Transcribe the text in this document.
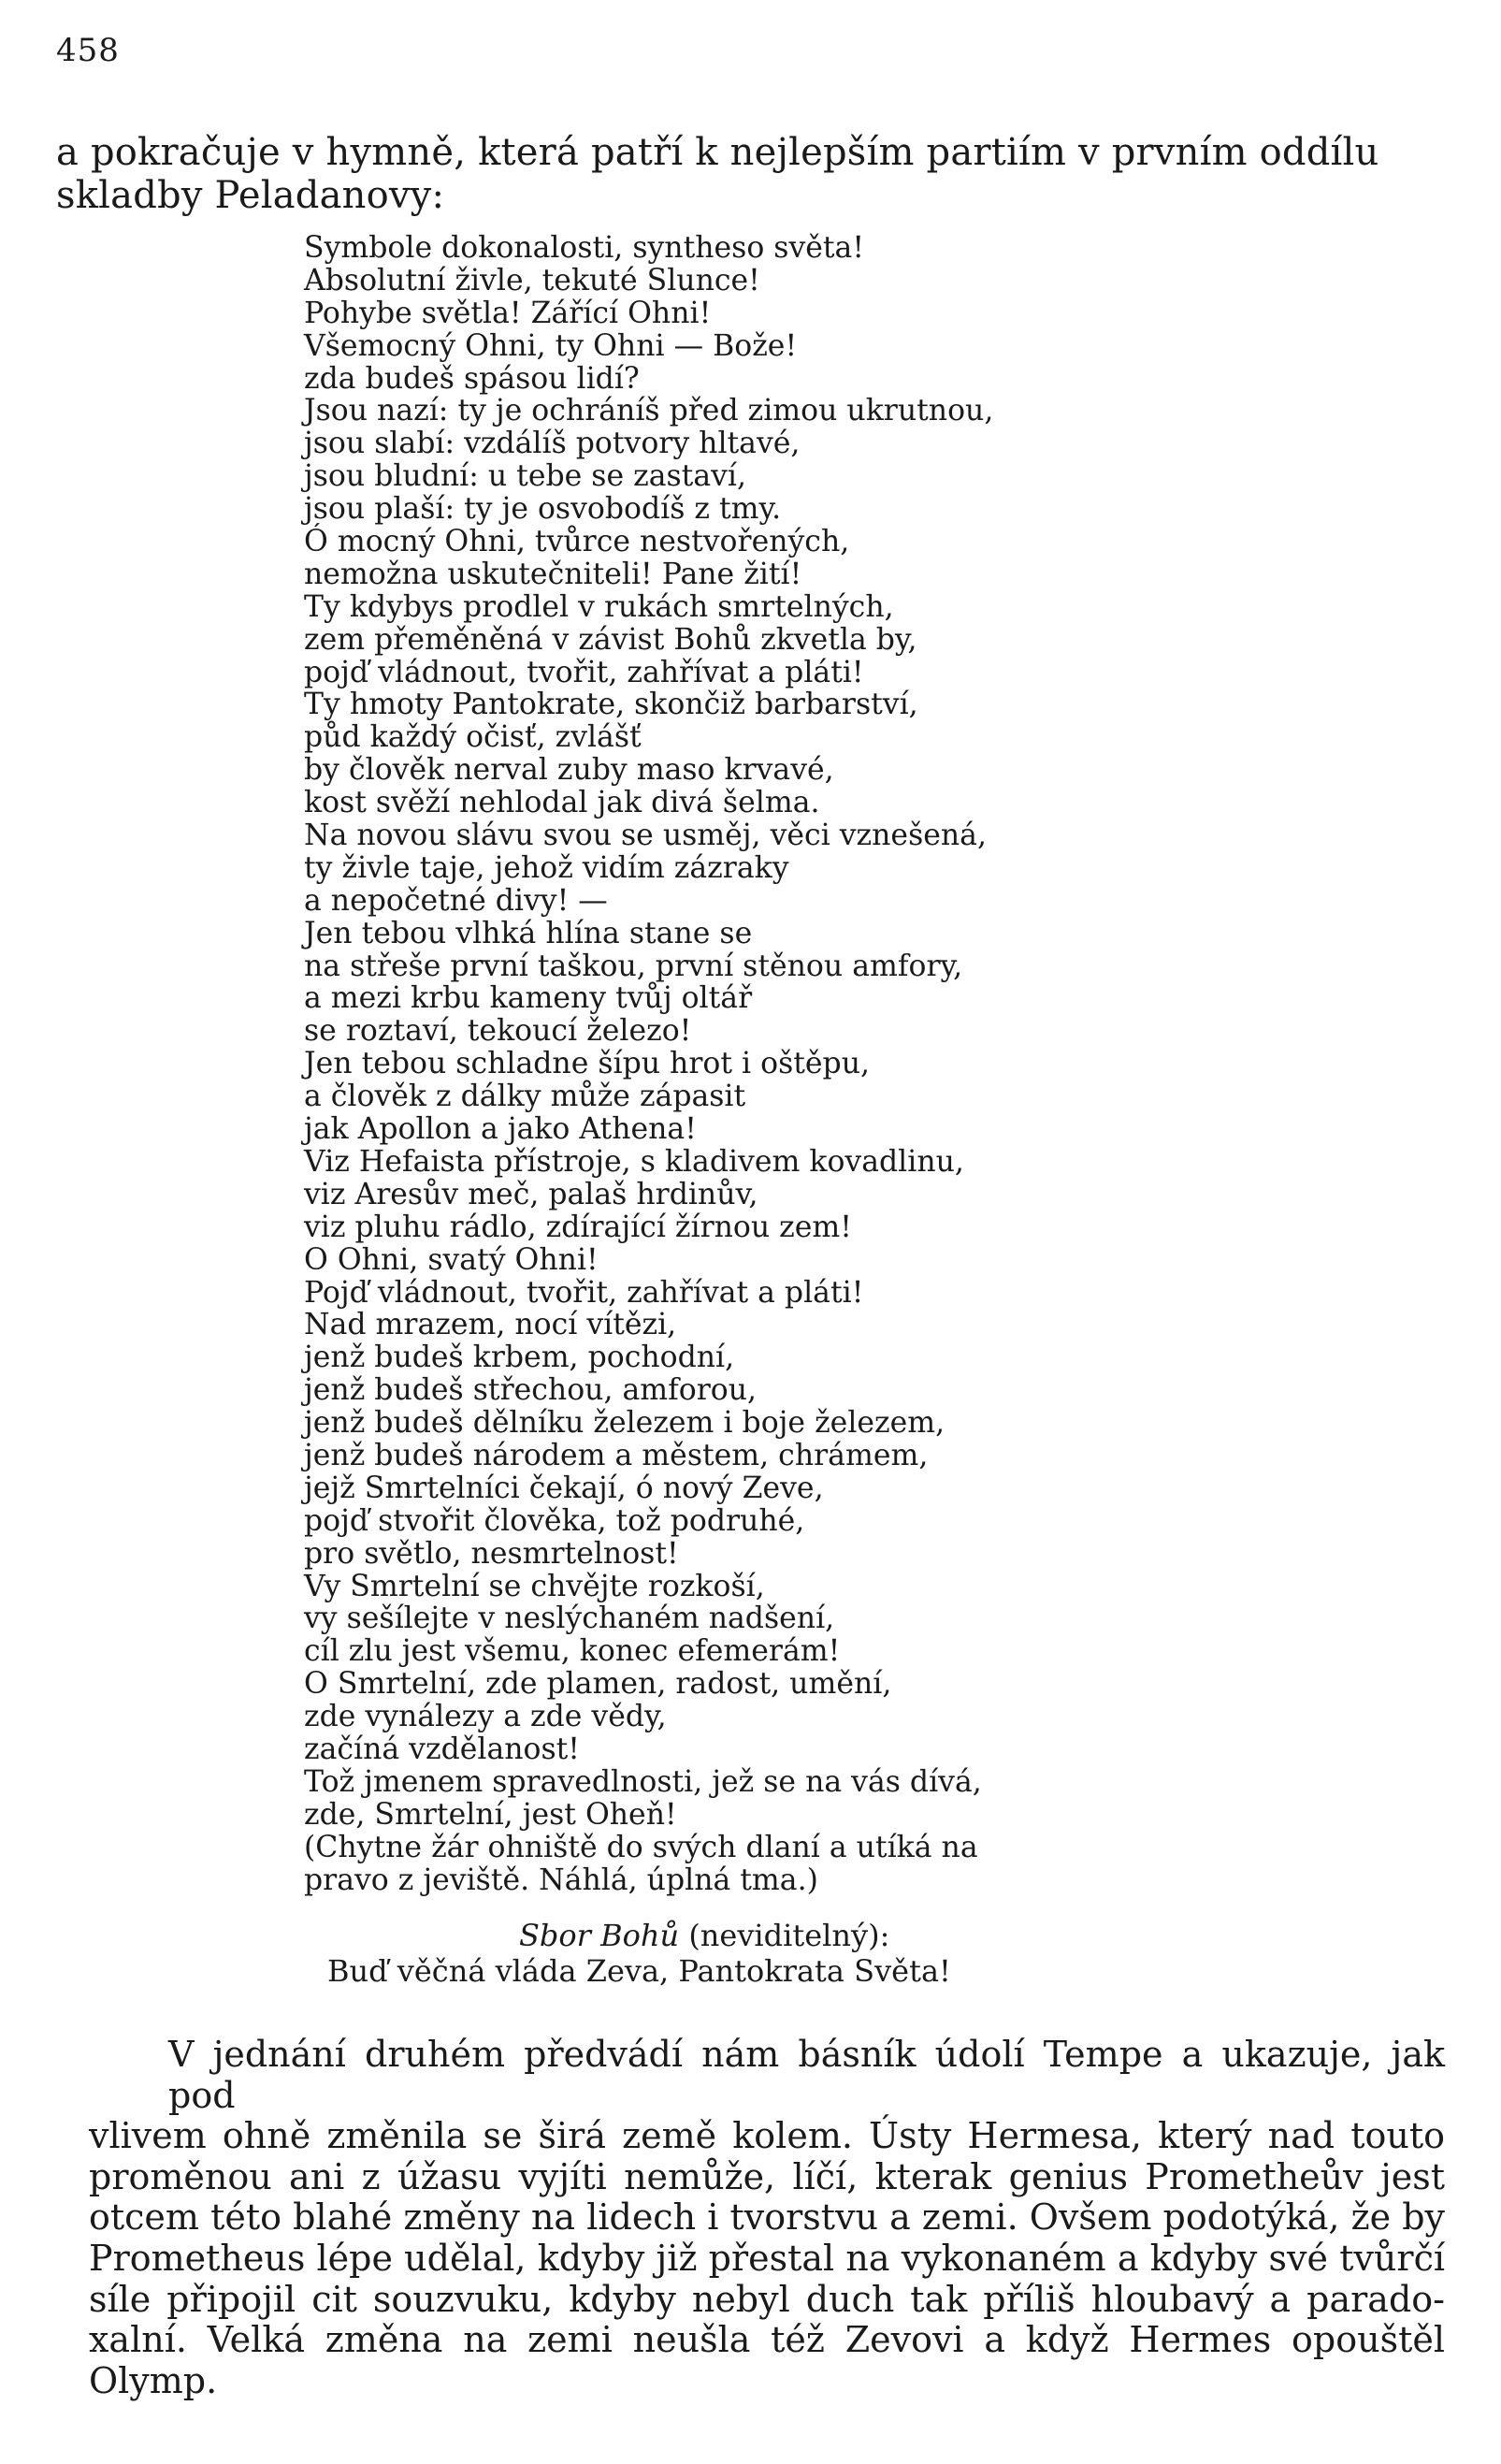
458
a pokračuje v hymně, která patří k nejlepším partiím v prvním oddílu skladby Peladanovy:
Symbole dokonalosti, syntheso světa!
Absolutní živle, tekuté Slunce!
Pohybe světla! Zářící Ohni!
Všemocný Ohni, ty Ohni — Bože!
zda budeš spásou lidí?
Jsou nazí: ty je ochráníš před zimou ukrutnou,
jsou slabí: vzdálíš potvory hltavé,
jsou bludní: u tebe se zastaví,
jsou plaší: ty je osvobodíš z tmy.
Ó mocný Ohni, tvůrce nestvořených,
nemožna uskutečniteli! Pane žití!
Ty kdybys prodlel v rukách smrtelných,
zem přeměněná v závist Bohů zkvetla by,
pojď vládnout, tvořit, zahřívat a pláti!
Ty hmoty Pantokrate, skončiž barbarství,
půd každý očisť, zvlášť
by člověk nerval zuby maso krvavé,
kost svěží nehlodal jak divá šelma.
Na novou slávu svou se usměj, věci vznešená,
ty živle taje, jehož vidím zázraky
a nepočetné divy! —
Jen tebou vlhká hlína stane se
na střeše první taškou, první stěnou amfory,
a mezi krbu kameny tvůj oltář
se roztaví, tekoucí železo!
Jen tebou schladne šípu hrot i oštěpu,
a člověk z dálky může zápasit
jak Apollon a jako Athena!
Viz Hefaista přístroje, s kladivem kovadlinu,
viz Aresův meč, palaš hrdinův,
viz pluhu rádlo, zdírající žírnou zem!
O Ohni, svatý Ohni!
Pojď vládnout, tvořit, zahřívat a pláti!
Nad mrazem, nocí vítězi,
jenž budeš krbem, pochodní,
jenž budeš střechou, amforou,
jenž budeš dělníku železem i boje železem,
jenž budeš národem a městem, chrámem,
jejž Smrtelníci čekají, ó nový Zeve,
pojď stvořit člověka, tož podruhé,
pro světlo, nesmrtelnost!
Vy Smrtelní se chvějte rozkoší,
vy sešílejte v neslýchaném nadšení,
cíl zlu jest všemu, konec efemerám!
O Smrtelní, zde plamen, radost, umění,
zde vynálezy a zde vědy,
začíná vzdělanost!
Tož jmenem spravedlnosti, jež se na vás dívá,
zde, Smrtelní, jest Oheň!
(Chytne žár ohniště do svých dlaní a utíká na
pravo z jeviště. Náhlá, úplná tma.)
Sbor Bohů (neviditelný):
Buď věčná vláda Zeva, Pantokrata Světa!
V jednání druhém předvádí nám básník údolí Tempe a ukazuje, jak pod
vlivem ohně změnila se širá země kolem. Ústy Hermesa, který nad touto
proměnou ani z úžasu vyjíti nemůže, líčí, kterak genius Prometheův jest
otcem této blahé změny na lidech i tvorstvu a zemi. Ovšem podotýká, že by
Prometheus lépe udělal, kdyby již přestal na vykonaném a kdyby své tvůrčí
síle připojil cit souzvuku, kdyby nebyl duch tak příliš hloubavý a parado-
xalní. Velká změna na zemi neušla též Zevovi a když Hermes opouštěl Olymp.
